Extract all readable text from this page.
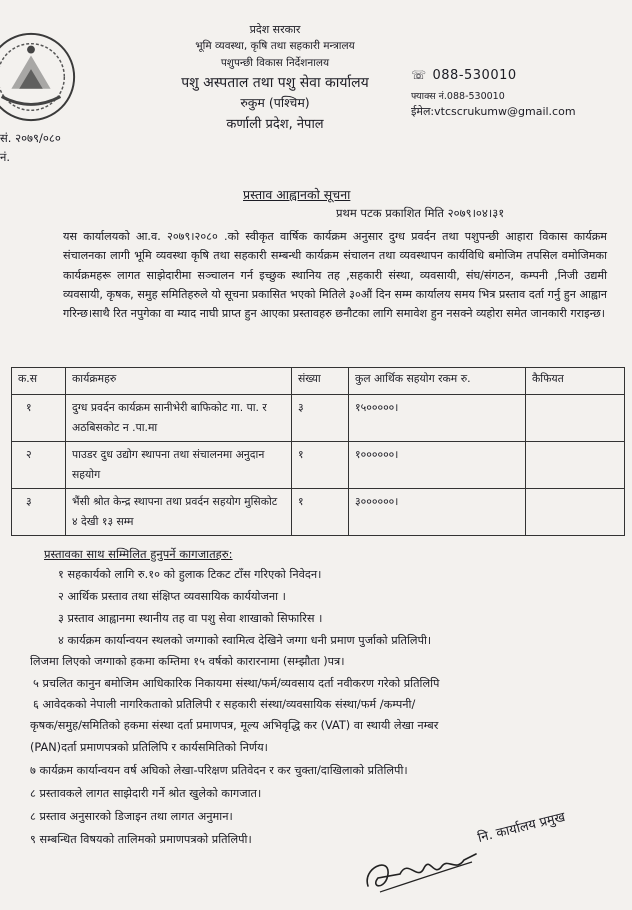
प्रदेश सरकार
भूमि व्यवस्था, कृषि तथा सहकारी मन्त्रालय
पशुपन्छी विकास निर्देशनालय
पशु अस्पताल तथा पशु सेवा कार्यालय
रुकुम (पश्चिम)
कर्णाली प्रदेश, नेपाल
☏ 088-530010
फ्याक्स नं.088-530010
ईमेल:vtcscrukumw@gmail.com
सं. २०७९/०८०
नं.
प्रस्ताव आह्वानको सूचना
प्रथम पटक प्रकाशित मिति २०७९।०४।३१
यस कार्यालयको आ.व. २०७९।२०८० .को स्वीकृत वार्षिक कार्यक्रम अनुसार दुग्ध प्रवर्दन तथा पशुपन्छी आहारा विकास कार्यक्रम संचालनका लागी भूमि व्यवस्था कृषि तथा सहकारी सम्बन्धी कार्यक्रम संचालन तथा व्यवस्थापन कार्यविधि बमोजिम तपसिल वमोजिमका कार्यक्रमहरू लागत साझेदारीमा सञ्चालन गर्न इच्छुक स्थानिय तह ,सहकारी संस्था, व्यवसायी, संघ/संगठन, कम्पनी ,निजी उद्यमी व्यवसायी, कृषक, समुह समितिहरुले यो सूचना प्रकासित भएको मितिले ३०औं दिन सम्म कार्यालय समय भित्र प्रस्ताव दर्ता गर्नु हुन आह्वान गरिन्छ।साथै रित नपुगेका वा म्याद नाघी प्राप्त हुन आएका प्रस्तावहरु छनौटका लागि समावेश हुन नसक्ने व्यहोरा समेत जानकारी गराइन्छ।
क.स	कार्यक्रमहरु	संख्या	कुल आर्थिक सहयोग रकम रु.	कैफियत
१	दुग्ध प्रवर्दन कार्यक्रम सानीभेरी बाफिकोट गा. पा. र अठबिसकोट न .पा.मा	३	१५०००००।	
२	पाउडर दुध उद्योग स्थापना तथा संचालनमा अनुदान सहयोग	१	१००००००।	
३	भैंसी श्रोत केन्द्र स्थापना तथा प्रवर्दन सहयोग मुसिकोट ४ देखी १३ सम्म	१	३००००००।	
प्रस्तावका साथ सम्मिलित हुनुपर्ने कागजातहरु:
१ सहकार्यको लागि रु.१० को हुलाक टिकट टाँस गरिएको निवेदन।
२ आर्थिक प्रस्ताव तथा संक्षिप्त व्यवसायिक कार्ययोजना ।
३ प्रस्ताव आह्वानमा स्थानीय तह वा पशु सेवा शाखाको सिफारिस ।
४ कार्यक्रम कार्यान्वयन स्थलको जग्गाको स्वामित्व देखिने जग्गा धनी प्रमाण पुर्जाको प्रतिलिपी।
लिजमा लिएको जग्गाको हकमा कम्तिमा १५ वर्षको कारारनामा (सम्झौता )पत्र।
५ प्रचलित कानुन बमोजिम आधिकारिक निकायमा संस्था/फर्म/व्यवसाय दर्ता नवीकरण गरेको प्रतिलिपि
६ आवेदकको नेपाली नागरिकताको प्रतिलिपी र सहकारी संस्था/व्यवसायिक संस्था/फर्म /कम्पनी/
कृषक/समुह/समितिको हकमा संस्था दर्ता प्रमाणपत्र, मूल्य अभिवृद्धि कर (VAT) वा स्थायी लेखा नम्बर
(PAN)दर्ता प्रमाणपत्रको प्रतिलिपि र कार्यसमितिको निर्णय।
७ कार्यक्रम कार्यान्वयन वर्ष अघिको लेखा-परिक्षण प्रतिवेदन र कर चुक्ता/दाखिलाको प्रतिलिपी।
८ प्रस्तावकले लागत साझेदारी गर्ने श्रोत खुलेको कागजात।
८ प्रस्ताव अनुसारको डिजाइन तथा लागत अनुमान।
९ सम्बन्धित विषयको तालिमको प्रमाणपत्रको प्रतिलिपी।	नि. कार्यालय प्रमुख
